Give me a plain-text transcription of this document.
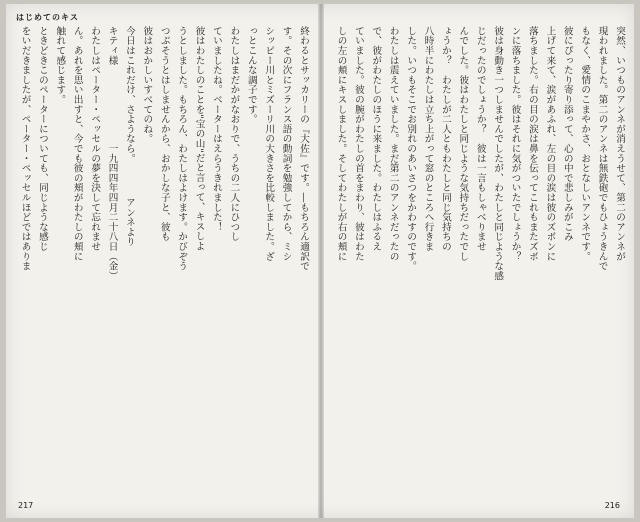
はじめてのキス

終わるとサッカリーの『大佐』です。―もちろん適訳で

す。その次にフランス語の動詞を勉強してから、ミシ

シッピー川とミズーリ川の大きさを比較しました。ざ

っとこんな調子です。

わたしはまだかがなおりで、うちの二人にひつし

ていましたね。ベーターはえらうきれました！

彼はわたしのことを"宝の山"だと言って、キスしよ

うとしました。もちろん、わたしはよけます。かびぞう

つぶそうとはしませんから、おかしな子と、彼も

彼はおかしいすべてのね。

今日はこれだけ、さようなら。　　　　アンネより

キティ様　　　　　　　　一九四四年四月二十八日（金）

わたしはペーター・ペッセルの夢を決して忘れませ

ん。あれを思い出すと、今でも彼の頬がわたしの頬に

触れて感じます。

ときどきこのペーターについても、同じような感じ

をいだきましたが、ペーター・ペッセルほどではありま

217

突然、いつものアンネが消えうせて、第二のアンネが

現われました。第二のアンネは無鉄砲でもひょうきんで

もなく、愛情のこまやかさ、おとなしいアンネです。

彼にぴったり寄り添って、心の中で悲しみがこみ

上げて来て、涙があふれ、左の目の涙は彼のズボンに

落ちました。右の目の涙は鼻を伝ってこれもまたズボ

ンに落ちました。彼はそれに気がついたでしょうか？

彼は身動き一つしませんでしたが、わたしと同じような感

じだったのでしょうか？　彼は一言もしゃべりませ

んでした。彼はわたしと同じような気持ちだったでし

ょうか？　わたしが二人ともわたしと同じ気持ちの

八時半にわたしは立ち上がって窓のところへ行きま

した。いつもそこでお別れのあいさつをかわすのです。

わたしは震えていました。まだ第二のアンネだったの

で、彼がわたしのほうに来ました。わたしはふるえ

ていました。彼の腕がわたしの首をまわり、彼はわた

しの左の頬にキスしました。そしてわたしが右の頬に

216
